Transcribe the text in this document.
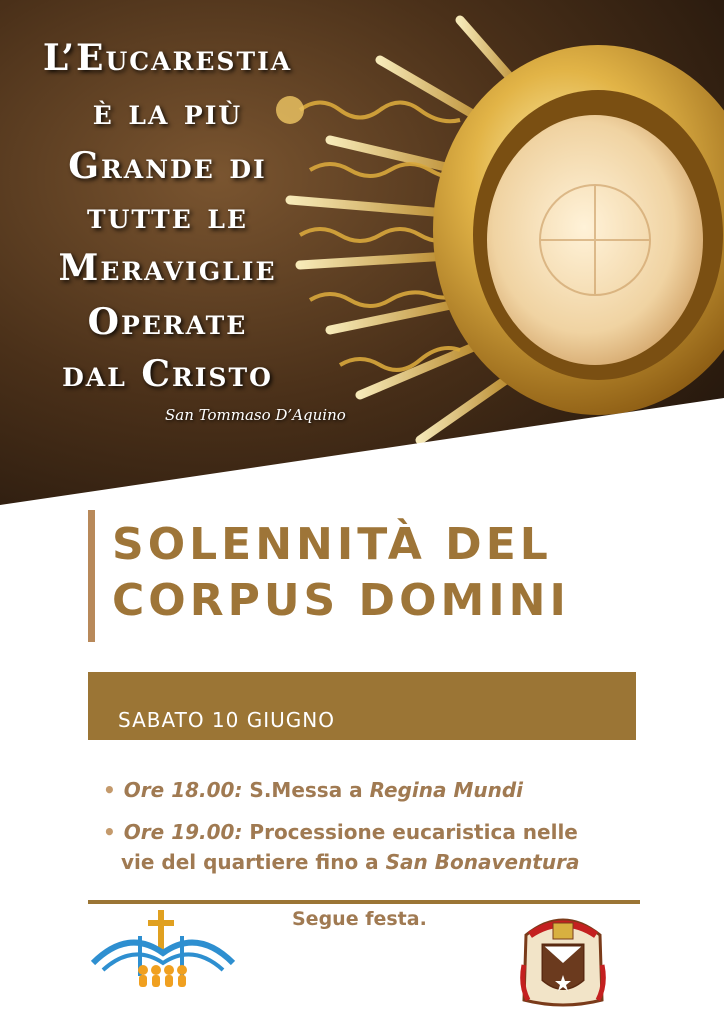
L’Eucarestia
è la più
Grande di
tutte le
Meraviglie
Operate
dal Cristo
San Tommaso D’Aquino
SOLENNITÀ DEL
CORPUS DOMINI
SABATO 10 GIUGNO
• Ore 18.00: S.Messa a Regina Mundi
• Ore 19.00: Processione eucaristica nelle
vie del quartiere fino a San Bonaventura
Segue festa.
